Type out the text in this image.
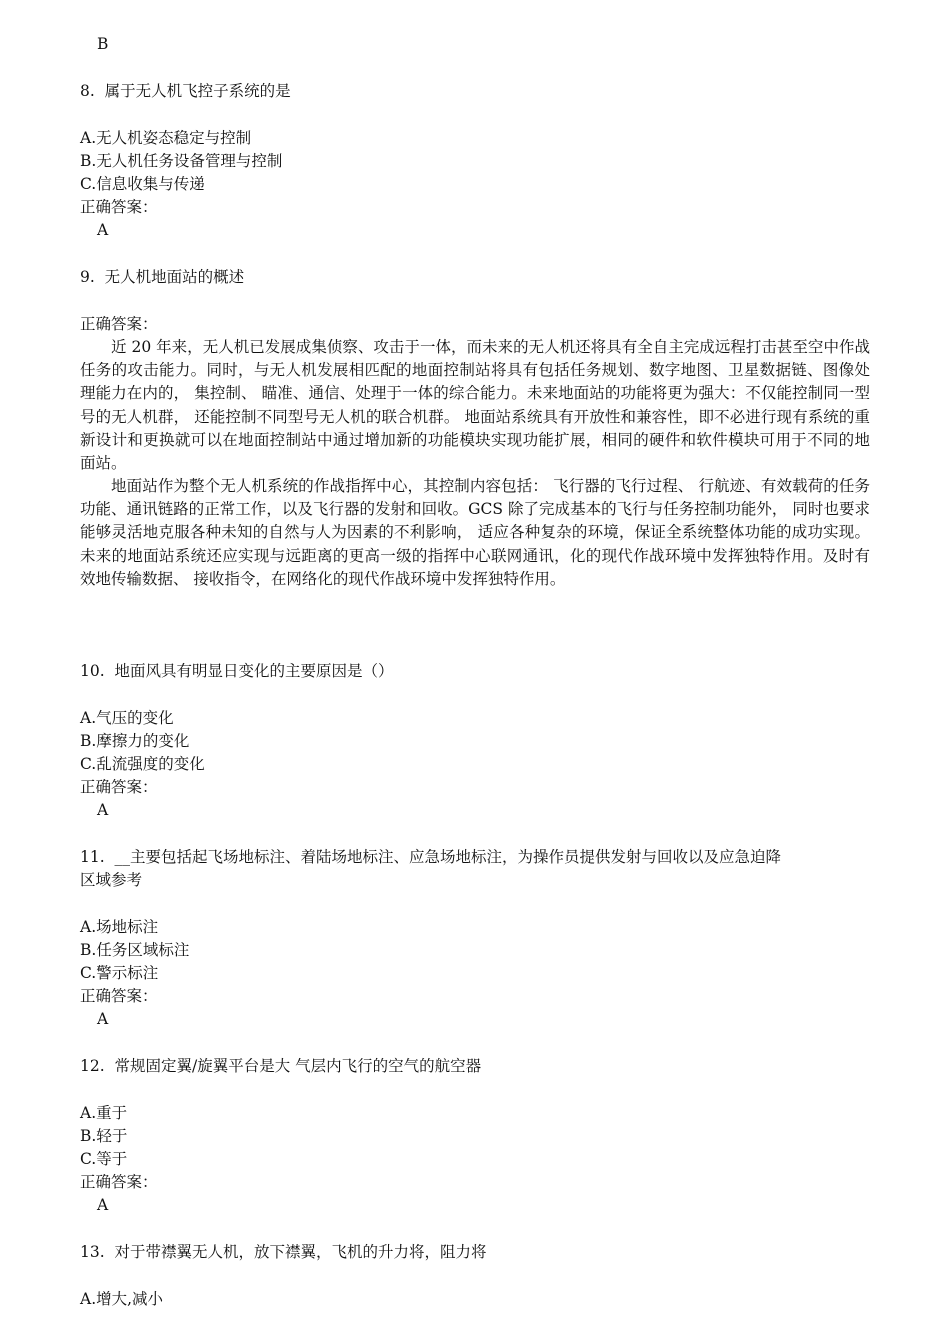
B
8. 属于无人机飞控子系统的是
A.无人机姿态稳定与控制
B.无人机任务设备管理与控制
C.信息收集与传递
正确答案：
A
9. 无人机地面站的概述
正确答案：
近 20 年来，无人机已发展成集侦察、攻击于一体，而未来的无人机还将具有全自主完成远程打击甚至空中作战任务的攻击能力。同时，与无人机发展相匹配的地面控制站将具有包括任务规划、数字地图、卫星数据链、图像处理能力在内的， 集控制、 瞄准、通信、处理于一体的综合能力。未来地面站的功能将更为强大：不仅能控制同一型号的无人机群， 还能控制不同型号无人机的联合机群。 地面站系统具有开放性和兼容性，即不必进行现有系统的重新设计和更换就可以在地面控制站中通过增加新的功能模块实现功能扩展，相同的硬件和软件模块可用于不同的地面站。
地面站作为整个无人机系统的作战指挥中心，其控制内容包括： 飞行器的飞行过程、 行航迹、有效载荷的任务功能、通讯链路的正常工作，以及飞行器的发射和回收。GCS 除了完成基本的飞行与任务控制功能外， 同时也要求能够灵活地克服各种未知的自然与人为因素的不利影响， 适应各种复杂的环境，保证全系统整体功能的成功实现。未来的地面站系统还应实现与远距离的更高一级的指挥中心联网通讯，化的现代作战环境中发挥独特作用。及时有效地传输数据、 接收指令，在网络化的现代作战环境中发挥独特作用。
10. 地面风具有明显日变化的主要原因是（）
A.气压的变化
B.摩擦力的变化
C.乱流强度的变化
正确答案：
A
11. __主要包括起飞场地标注、着陆场地标注、应急场地标注，为操作员提供发射与回收以及应急迫降
区域参考
A.场地标注
B.任务区域标注
C.警示标注
正确答案：
A
12. 常规固定翼/旋翼平台是大 气层内飞行的空气的航空器
A.重于
B.轻于
C.等于
正确答案：
A
13. 对于带襟翼无人机，放下襟翼，飞机的升力将，阻力将
A.增大,减小
